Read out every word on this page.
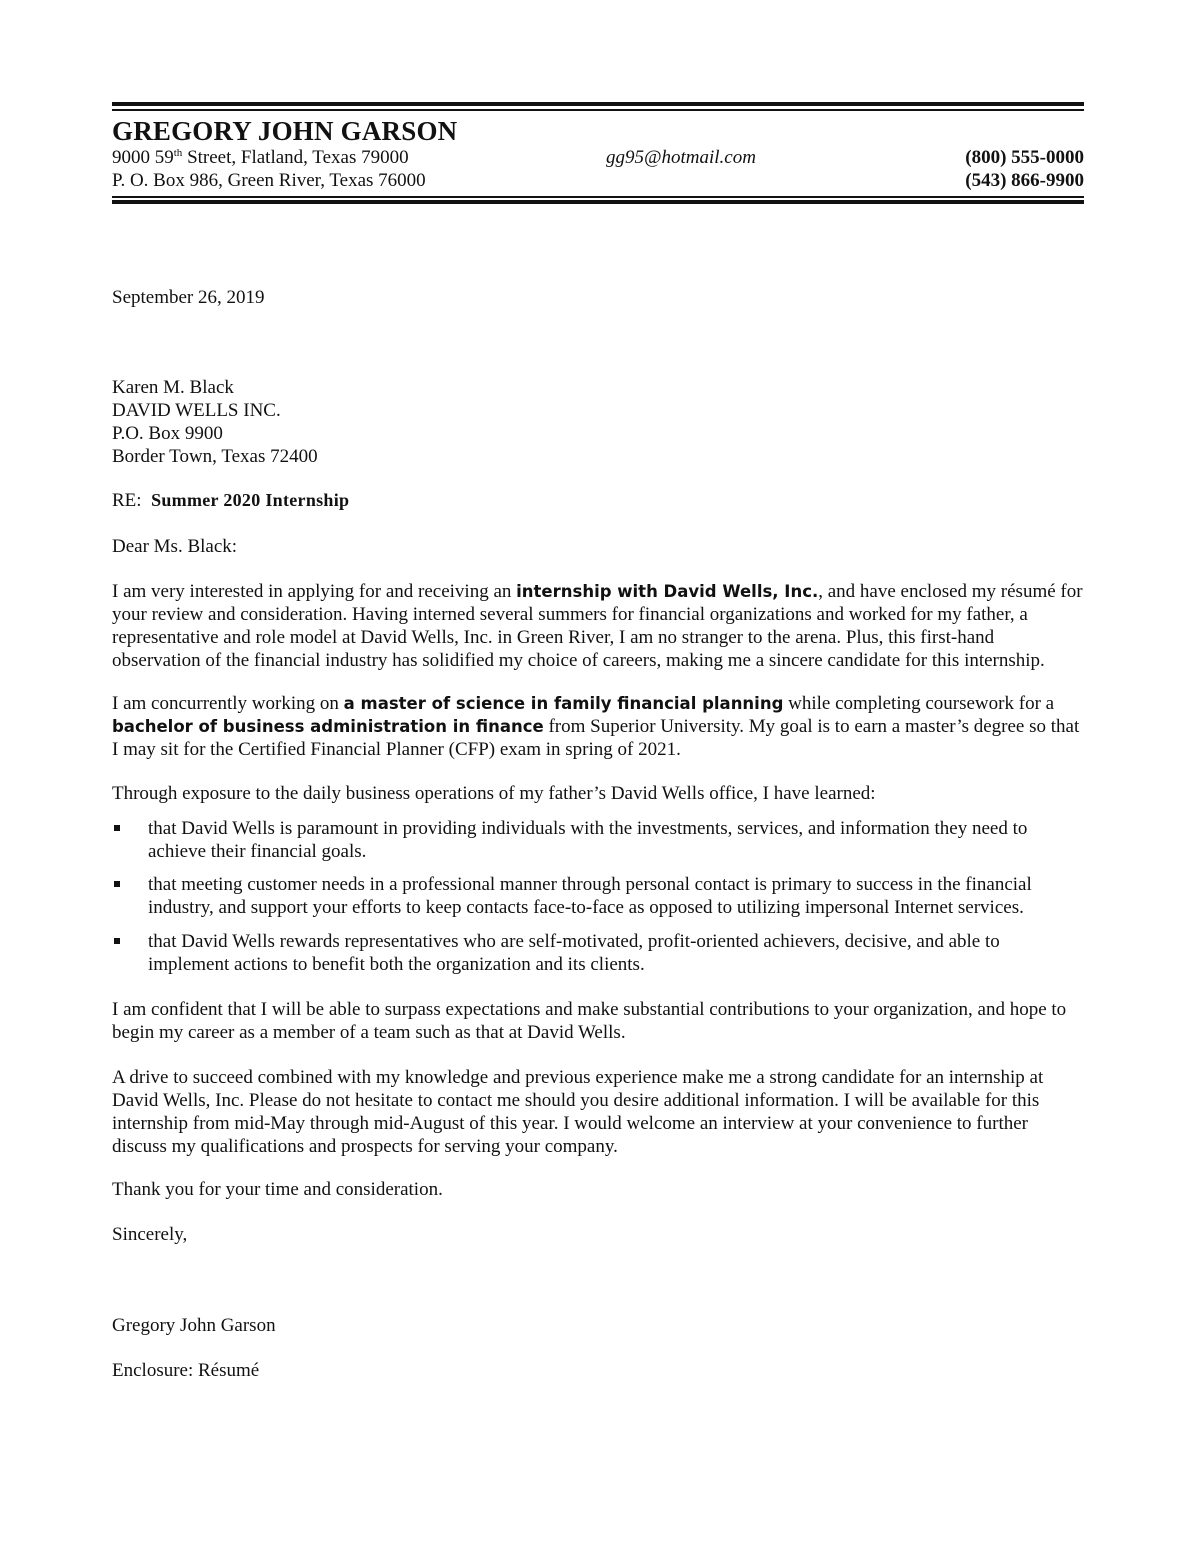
GREGORY JOHN GARSON
9000 59th Street, Flatland, Texas 79000	gg95@hotmail.com	(800) 555-0000
P. O. Box 986, Green River, Texas 76000	(543) 866-9900
September 26, 2019

Karen M. Black

DAVID WELLS INC.

P.O. Box 9900

Border Town, Texas 72400

RE: Summer 2020 Internship
Dear Ms. Black:

I am very interested in applying for and receiving an internship with David Wells, Inc., and have enclosed my résumé for your review and consideration. Having interned several summers for financial organizations and worked for my father, a representative and role model at David Wells, Inc. in Green River, I am no stranger to the arena. Plus, this first-hand observation of the financial industry has solidified my choice of careers, making me a sincere candidate for this internship.

I am concurrently working on a master of science in family financial planning while completing coursework for a bachelor of business administration in finance from Superior University. My goal is to earn a master’s degree so that I may sit for the Certified Financial Planner (CFP) exam in spring of 2021.

Through exposure to the daily business operations of my father’s David Wells office, I have learned:
that David Wells is paramount in providing individuals with the investments, services, and information they need to achieve their financial goals.
that meeting customer needs in a professional manner through personal contact is primary to success in the financial industry, and support your efforts to keep contacts face-to-face as opposed to utilizing impersonal Internet services.
that David Wells rewards representatives who are self-motivated, profit-oriented achievers, decisive, and able to implement actions to benefit both the organization and its clients.
I am confident that I will be able to surpass expectations and make substantial contributions to your organization, and hope to begin my career as a member of a team such as that at David Wells.
A drive to succeed combined with my knowledge and previous experience make me a strong candidate for an internship at David Wells, Inc. Please do not hesitate to contact me should you desire additional information. I will be available for this internship from mid-May through mid-August of this year. I would welcome an interview at your convenience to further discuss my qualifications and prospects for serving your company.
Thank you for your time and consideration.
Sincerely,
Gregory John Garson
Enclosure: Résumé
